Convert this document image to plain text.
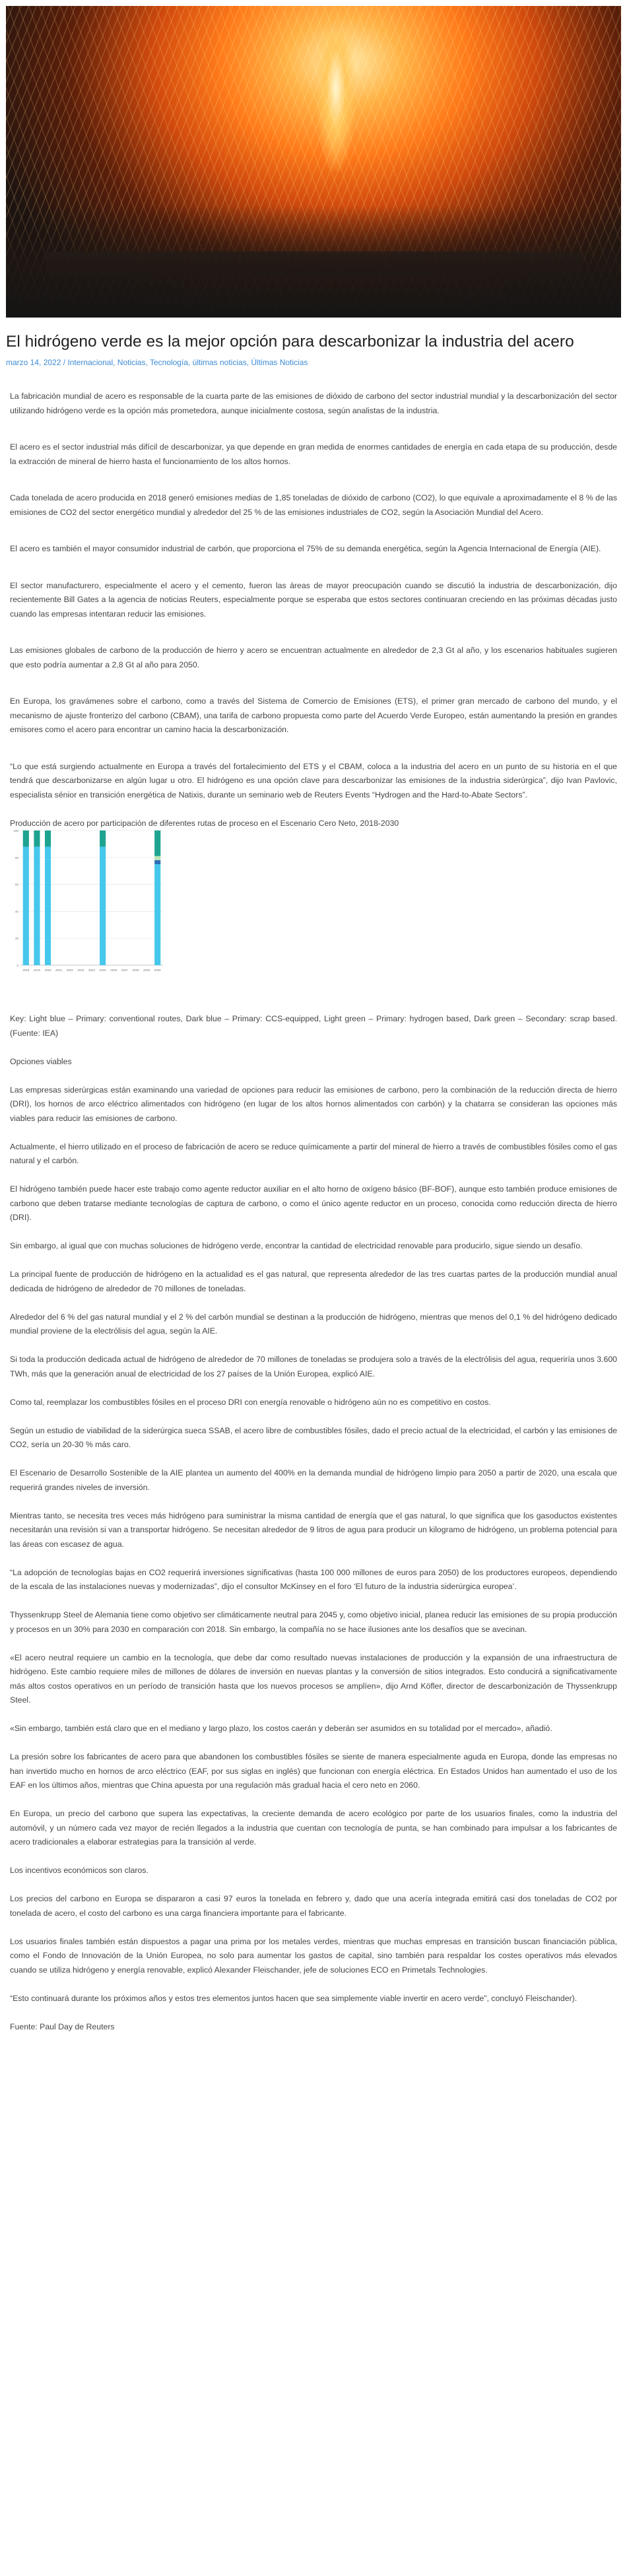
El hidrógeno verde es la mejor opción para descarbonizar la industria del acero
marzo 14, 2022 / Internacional, Noticias, Tecnología, últimas noticias, Últimas Noticias

La fabricación mundial de acero es responsable de la cuarta parte de las emisiones de dióxido de carbono del sector industrial mundial y la descarbonización del sector utilizando hidrógeno verde es la opción más prometedora, aunque inicialmente costosa, según analistas de la industria.

El acero es el sector industrial más difícil de descarbonizar, ya que depende en gran medida de enormes cantidades de energía en cada etapa de su producción, desde la extracción de mineral de hierro hasta el funcionamiento de los altos hornos.

Cada tonelada de acero producida en 2018 generó emisiones medias de 1,85 toneladas de dióxido de carbono (CO2), lo que equivale a aproximadamente el 8 % de las emisiones de CO2 del sector energético mundial y alrededor del 25 % de las emisiones industriales de CO2, según la Asociación Mundial del Acero.

El acero es también el mayor consumidor industrial de carbón, que proporciona el 75% de su demanda energética, según la Agencia Internacional de Energía (AIE).

El sector manufacturero, especialmente el acero y el cemento, fueron las áreas de mayor preocupación cuando se discutió la industria de descarbonización, dijo recientemente Bill Gates a la agencia de noticias Reuters, especialmente porque se esperaba que estos sectores continuaran creciendo en las próximas décadas justo cuando las empresas intentaran reducir las emisiones.

Las emisiones globales de carbono de la producción de hierro y acero se encuentran actualmente en alrededor de 2,3 Gt al año, y los escenarios habituales sugieren que esto podría aumentar a 2,8 Gt al año para 2050.

En Europa, los gravámenes sobre el carbono, como a través del Sistema de Comercio de Emisiones (ETS), el primer gran mercado de carbono del mundo, y el mecanismo de ajuste fronterizo del carbono (CBAM), una tarifa de carbono propuesta como parte del Acuerdo Verde Europeo, están aumentando la presión en grandes emisores como el acero para encontrar un camino hacia la descarbonización.

“Lo que está surgiendo actualmente en Europa a través del fortalecimiento del ETS y el CBAM, coloca a la industria del acero en un punto de su historia en el que tendrá que descarbonizarse en algún lugar u otro. El hidrógeno es una opción clave para descarbonizar las emisiones de la industria siderúrgica”, dijo Ivan Pavlovic, especialista sénior en transición energética de Natixis, durante un seminario web de Reuters Events “Hydrogen and the Hard-to-Abate Sectors”.

Producción de acero por participación de diferentes rutas de proceso en el Escenario Cero Neto, 2018-2030

0
20
40
60
80
100
2018 2019 2020 2021 2022 2023 2024 2025 2026 2027 2028 2029 2030

Key: Light blue – Primary: conventional routes, Dark blue – Primary: CCS-equipped, Light green – Primary: hydrogen based, Dark green – Secondary: scrap based. (Fuente: IEA)

Opciones viables

Las empresas siderúrgicas están examinando una variedad de opciones para reducir las emisiones de carbono, pero la combinación de la reducción directa de hierro (DRI), los hornos de arco eléctrico alimentados con hidrógeno (en lugar de los altos hornos alimentados con carbón) y la chatarra se consideran las opciones más viables para reducir las emisiones de carbono.

Actualmente, el hierro utilizado en el proceso de fabricación de acero se reduce químicamente a partir del mineral de hierro a través de combustibles fósiles como el gas natural y el carbón.

El hidrógeno también puede hacer este trabajo como agente reductor auxiliar en el alto horno de oxígeno básico (BF-BOF), aunque esto también produce emisiones de carbono que deben tratarse mediante tecnologías de captura de carbono, o como el único agente reductor en un proceso, conocida como reducción directa de hierro (DRI).

Sin embargo, al igual que con muchas soluciones de hidrógeno verde, encontrar la cantidad de electricidad renovable para producirlo, sigue siendo un desafío.

La principal fuente de producción de hidrógeno en la actualidad es el gas natural, que representa alrededor de las tres cuartas partes de la producción mundial anual dedicada de hidrógeno de alrededor de 70 millones de toneladas.

Alrededor del 6 % del gas natural mundial y el 2 % del carbón mundial se destinan a la producción de hidrógeno, mientras que menos del 0,1 % del hidrógeno dedicado mundial proviene de la electrólisis del agua, según la AIE.

Si toda la producción dedicada actual de hidrógeno de alrededor de 70 millones de toneladas se produjera solo a través de la electrólisis del agua, requeriría unos 3.600 TWh, más que la generación anual de electricidad de los 27 países de la Unión Europea, explicó AIE.

Como tal, reemplazar los combustibles fósiles en el proceso DRI con energía renovable o hidrógeno aún no es competitivo en costos.

Según un estudio de viabilidad de la siderúrgica sueca SSAB, el acero libre de combustibles fósiles, dado el precio actual de la electricidad, el carbón y las emisiones de CO2, sería un 20-30 % más caro.

El Escenario de Desarrollo Sostenible de la AIE plantea un aumento del 400% en la demanda mundial de hidrógeno limpio para 2050 a partir de 2020, una escala que requerirá grandes niveles de inversión.

Mientras tanto, se necesita tres veces más hidrógeno para suministrar la misma cantidad de energía que el gas natural, lo que significa que los gasoductos existentes necesitarán una revisión si van a transportar hidrógeno. Se necesitan alrededor de 9 litros de agua para producir un kilogramo de hidrógeno, un problema potencial para las áreas con escasez de agua.

“La adopción de tecnologías bajas en CO2 requerirá inversiones significativas (hasta 100 000 millones de euros para 2050) de los productores europeos, dependiendo de la escala de las instalaciones nuevas y modernizadas”, dijo el consultor McKinsey en el foro ‘El futuro de la industria siderúrgica europea’.

Thyssenkrupp Steel de Alemania tiene como objetivo ser climáticamente neutral para 2045 y, como objetivo inicial, planea reducir las emisiones de su propia producción y procesos en un 30% para 2030 en comparación con 2018. Sin embargo, la compañía no se hace ilusiones ante los desafíos que se avecinan.

«El acero neutral requiere un cambio en la tecnología, que debe dar como resultado nuevas instalaciones de producción y la expansión de una infraestructura de hidrógeno. Este cambio requiere miles de millones de dólares de inversión en nuevas plantas y la conversión de sitios integrados. Esto conducirá a significativamente más altos costos operativos en un período de transición hasta que los nuevos procesos se amplíen», dijo Arnd Köfler, director de descarbonización de Thyssenkrupp Steel.

«Sin embargo, también está claro que en el mediano y largo plazo, los costos caerán y deberán ser asumidos en su totalidad por el mercado», añadió.

La presión sobre los fabricantes de acero para que abandonen los combustibles fósiles se siente de manera especialmente aguda en Europa, donde las empresas no han invertido mucho en hornos de arco eléctrico (EAF, por sus siglas en inglés) que funcionan con energía eléctrica. En Estados Unidos han aumentado el uso de los EAF en los últimos años, mientras que China apuesta por una regulación más gradual hacia el cero neto en 2060.

En Europa, un precio del carbono que supera las expectativas, la creciente demanda de acero ecológico por parte de los usuarios finales, como la industria del automóvil, y un número cada vez mayor de recién llegados a la industria que cuentan con tecnología de punta, se han combinado para impulsar a los fabricantes de acero tradicionales a elaborar estrategias para la transición al verde.

Los incentivos económicos son claros.

Los precios del carbono en Europa se dispararon a casi 97 euros la tonelada en febrero y, dado que una acería integrada emitirá casi dos toneladas de CO2 por tonelada de acero, el costo del carbono es una carga financiera importante para el fabricante.

Los usuarios finales también están dispuestos a pagar una prima por los metales verdes, mientras que muchas empresas en transición buscan financiación pública, como el Fondo de Innovación de la Unión Europea, no solo para aumentar los gastos de capital, sino también para respaldar los costes operativos más elevados cuando se utiliza hidrógeno y energía renovable, explicó Alexander Fleischander, jefe de soluciones ECO en Primetals Technologies.

“Esto continuará durante los próximos años y estos tres elementos juntos hacen que sea simplemente viable invertir en acero verde”, concluyó Fleischander).

Fuente: Paul Day de Reuters
